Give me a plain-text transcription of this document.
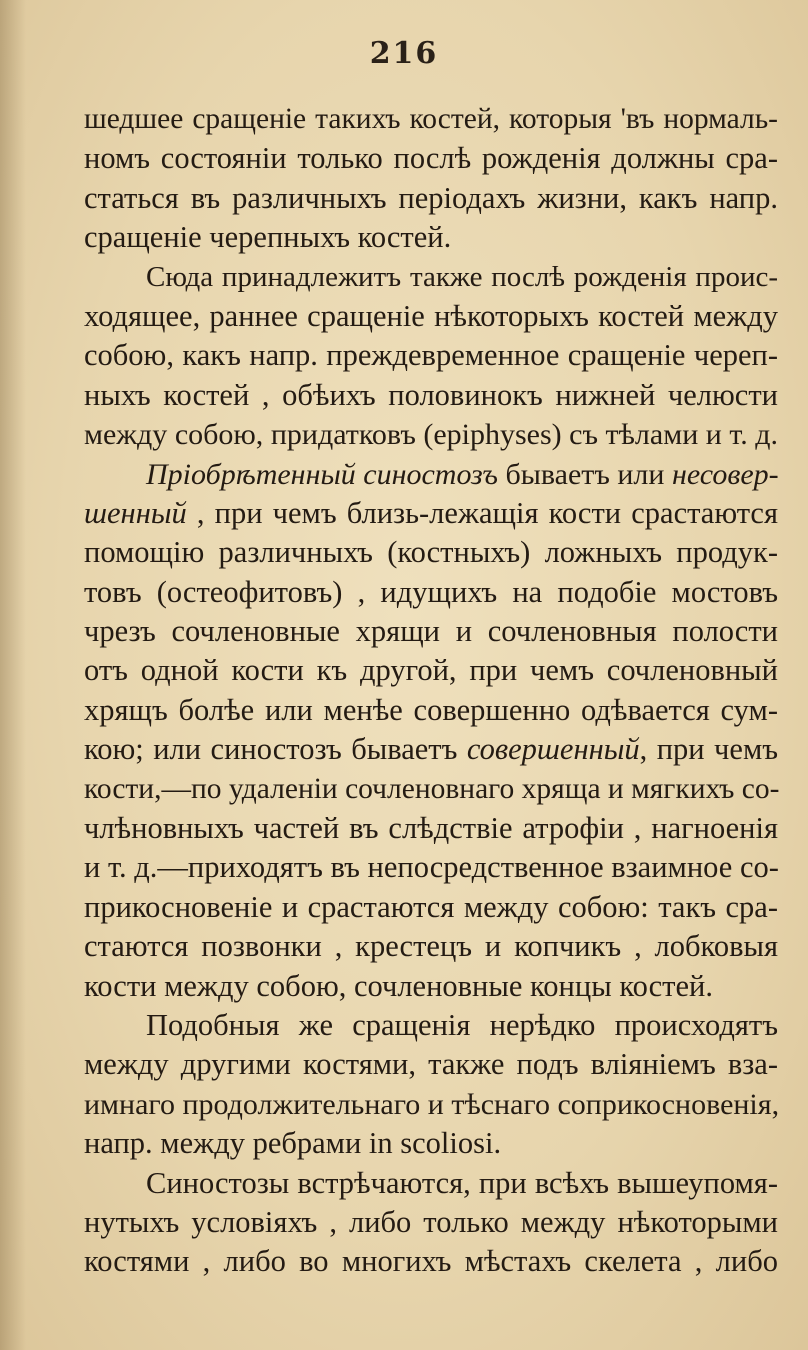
216
шедшее сращеніе такихъ костей, которыя 'въ нормаль-
номъ состояніи только послѣ рожденія должны сра-
статься въ различныхъ періодахъ жизни, какъ напр.
сращеніе черепныхъ костей.
Сюда принадлежитъ также послѣ рожденія проис-
ходящее, раннее сращеніе нѣкоторыхъ костей между
собою, какъ напр. преждевременное сращеніе череп-
ныхъ костей , обѣихъ половинокъ нижней челюсти
между собою, придатковъ (epiphyses) съ тѣлами и т. д.
Пріобрѣтенный синостозъ бываетъ или несовер-
шенный , при чемъ близь-лежащія кости срастаются
помощію различныхъ (костныхъ) ложныхъ продук-
товъ (остеофитовъ) , идущихъ на подобіе мостовъ
чрезъ сочленовные хрящи и сочленовныя полости
отъ одной кости къ другой, при чемъ сочленовный
хрящъ болѣе или менѣе совершенно одѣвается сум-
кою; или синостозъ бываетъ совершенный, при чемъ
кости,—по удаленіи сочленовнаго хряща и мягкихъ со-
члѣновныхъ частей въ слѣдствіе атрофіи , нагноенія
и т. д.—приходятъ въ непосредственное взаимное со-
прикосновеніе и срастаются между собою: такъ сра-
стаются позвонки , крестецъ и копчикъ , лобковыя
кости между собою, сочленовные концы костей.
Подобныя же сращенія нерѣдко происходятъ
между другими костями, также подъ вліяніемъ вза-
имнаго продолжительнаго и тѣснаго соприкосновенія,
напр. между ребрами in scoliosi.
Синостозы встрѣчаются, при всѣхъ вышеупомя-
нутыхъ условіяхъ , либо только между нѣкоторыми
костями , либо во многихъ мѣстахъ скелета , либо
